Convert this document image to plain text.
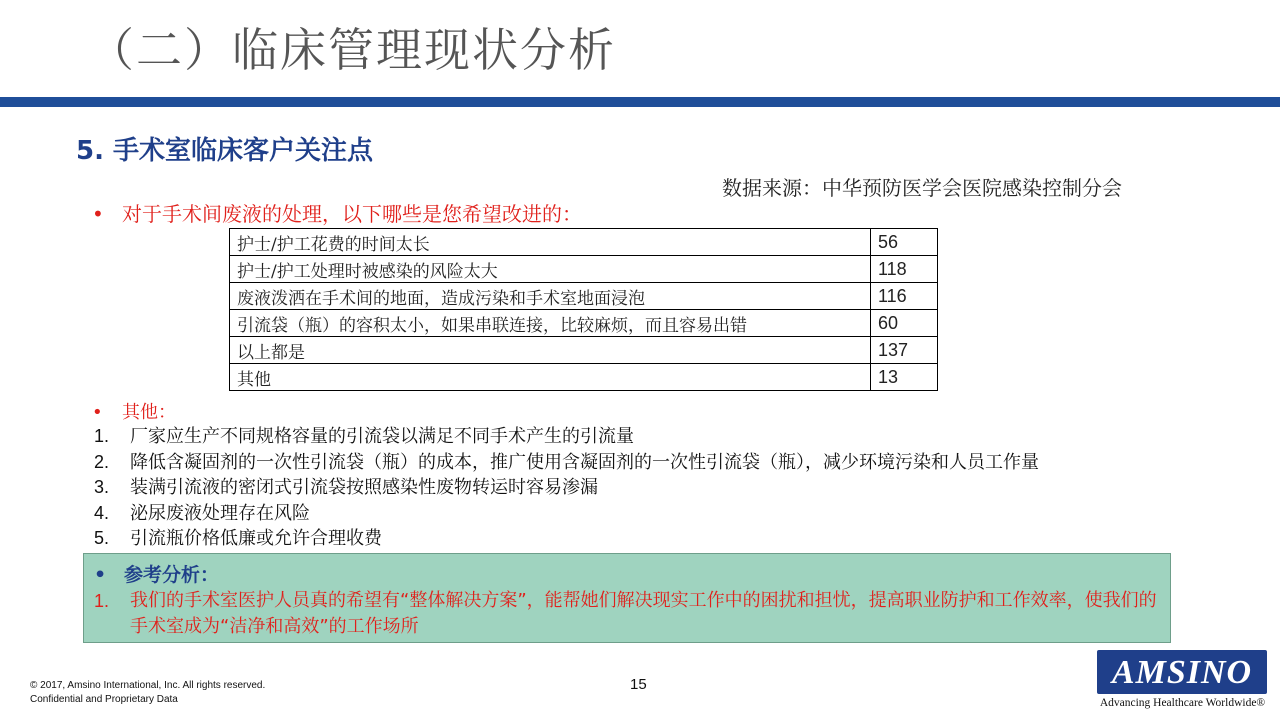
（二）临床管理现状分析
5. 手术室临床客户关注点
数据来源：中华预防医学会医院感染控制分会
• 对于手术间废液的处理，以下哪些是您希望改进的：
护士/护工花费的时间太长	56
护士/护工处理时被感染的风险太大	118
废液泼洒在手术间的地面，造成污染和手术室地面浸泡	116
引流袋（瓶）的容积太小，如果串联连接，比较麻烦，而且容易出错	60
以上都是	137
其他	13
• 其他：
1. 厂家应生产不同规格容量的引流袋以满足不同手术产生的引流量
2. 降低含凝固剂的一次性引流袋（瓶）的成本，推广使用含凝固剂的一次性引流袋（瓶），减少环境污染和人员工作量
3. 装满引流液的密闭式引流袋按照感染性废物转运时容易渗漏
4. 泌尿废液处理存在风险
5. 引流瓶价格低廉或允许合理收费
• 参考分析：
1.	我们的手术室医护人员真的希望有“整体解决方案”，能帮她们解决现实工作中的困扰和担忧，提高职业防护和工作效率，使我们的手术室成为“洁净和高效”的工作场所
© 2017, Amsino International, Inc. All rights reserved.
Confidential and Proprietary Data
15	AMSINO
Advancing Healthcare Worldwide®
